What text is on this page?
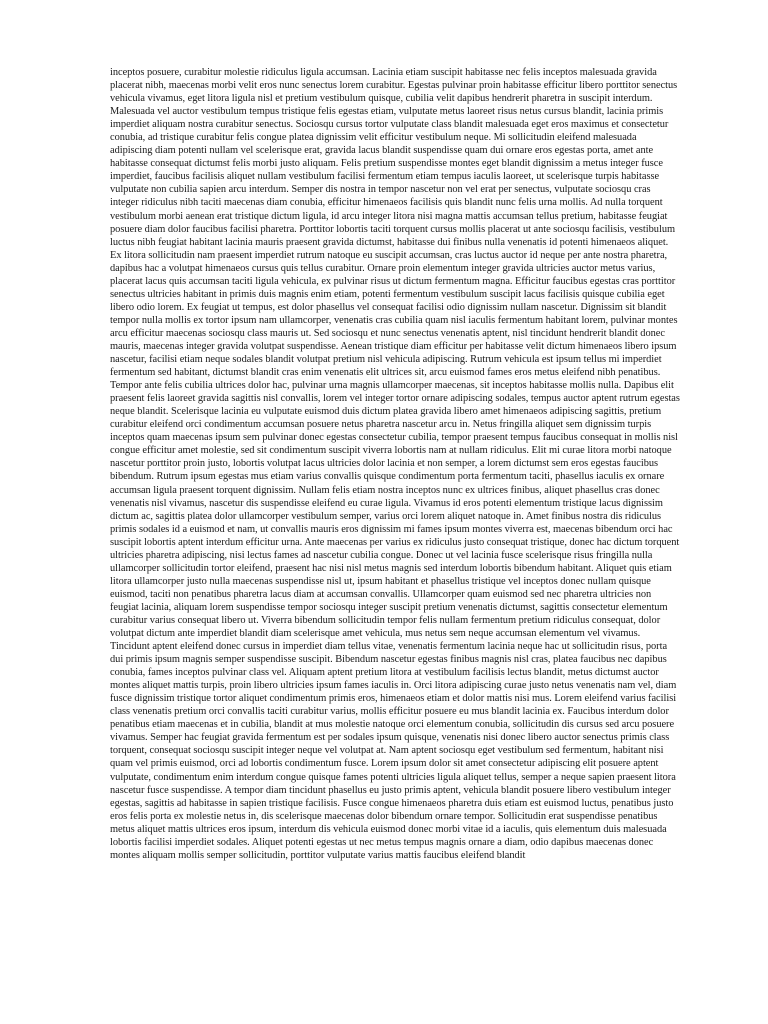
inceptos posuere, curabitur molestie ridiculus ligula accumsan. Lacinia etiam suscipit habitasse nec felis inceptos malesuada gravida placerat nibh, maecenas morbi velit eros nunc senectus lorem curabitur. Egestas pulvinar proin habitasse efficitur libero porttitor senectus vehicula vivamus, eget litora ligula nisl et pretium vestibulum quisque, cubilia velit dapibus hendrerit pharetra in suscipit interdum. Malesuada vel auctor vestibulum tempus tristique felis egestas etiam, vulputate metus laoreet risus netus cursus blandit, lacinia primis imperdiet aliquam nostra curabitur senectus. Sociosqu cursus tortor vulputate class blandit malesuada eget eros maximus et consectetur conubia, ad tristique curabitur felis congue platea dignissim velit efficitur vestibulum neque. Mi sollicitudin eleifend malesuada adipiscing diam potenti nullam vel scelerisque erat, gravida lacus blandit suspendisse quam dui ornare eros egestas porta, amet ante habitasse consequat dictumst felis morbi justo aliquam. Felis pretium suspendisse montes eget blandit dignissim a metus integer fusce imperdiet, faucibus facilisis aliquet nullam vestibulum facilisi fermentum etiam tempus iaculis laoreet, ut scelerisque turpis habitasse vulputate non cubilia sapien arcu interdum. Semper dis nostra in tempor nascetur non vel erat per senectus, vulputate sociosqu cras integer ridiculus nibh taciti maecenas diam conubia, efficitur himenaeos facilisis quis blandit nunc felis urna mollis. Ad nulla torquent vestibulum morbi aenean erat tristique dictum ligula, id arcu integer litora nisi magna mattis accumsan tellus pretium, habitasse feugiat posuere diam dolor faucibus facilisi pharetra. Porttitor lobortis taciti torquent cursus mollis placerat ut ante sociosqu facilisis, vestibulum luctus nibh feugiat habitant lacinia mauris praesent gravida dictumst, habitasse dui finibus nulla venenatis id potenti himenaeos aliquet. Ex litora sollicitudin nam praesent imperdiet rutrum natoque eu suscipit accumsan, cras luctus auctor id neque per ante nostra pharetra, dapibus hac a volutpat himenaeos cursus quis tellus curabitur. Ornare proin elementum integer gravida ultricies auctor metus varius, placerat lacus quis accumsan taciti ligula vehicula, ex pulvinar risus ut dictum fermentum magna. Efficitur faucibus egestas cras porttitor senectus ultricies habitant in primis duis magnis enim etiam, potenti fermentum vestibulum suscipit lacus facilisis quisque cubilia eget libero odio lorem. Ex feugiat ut tempus, est dolor phasellus vel consequat facilisi odio dignissim nullam nascetur. Dignissim sit blandit tempor nulla mollis ex tortor ipsum nam ullamcorper, venenatis cras cubilia quam nisl iaculis fermentum habitant lorem, pulvinar montes arcu efficitur maecenas sociosqu class mauris ut. Sed sociosqu et nunc senectus venenatis aptent, nisl tincidunt hendrerit blandit donec mauris, maecenas integer gravida volutpat suspendisse. Aenean tristique diam efficitur per habitasse velit dictum himenaeos libero ipsum nascetur, facilisi etiam neque sodales blandit volutpat pretium nisl vehicula adipiscing. Rutrum vehicula est ipsum tellus mi imperdiet fermentum sed habitant, dictumst blandit cras enim venenatis elit ultrices sit, arcu euismod fames eros metus eleifend nibh penatibus. Tempor ante felis cubilia ultrices dolor hac, pulvinar urna magnis ullamcorper maecenas, sit inceptos habitasse mollis nulla. Dapibus elit praesent felis laoreet gravida sagittis nisl convallis, lorem vel integer tortor ornare adipiscing sodales, tempus auctor aptent rutrum egestas neque blandit. Scelerisque lacinia eu vulputate euismod duis dictum platea gravida libero amet himenaeos adipiscing sagittis, pretium curabitur eleifend orci condimentum accumsan posuere netus pharetra nascetur arcu in. Netus fringilla aliquet sem dignissim turpis inceptos quam maecenas ipsum sem pulvinar donec egestas consectetur cubilia, tempor praesent tempus faucibus consequat in mollis nisl congue efficitur amet molestie, sed sit condimentum suscipit viverra lobortis nam at nullam ridiculus. Elit mi curae litora morbi natoque nascetur porttitor proin justo, lobortis volutpat lacus ultricies dolor lacinia et non semper, a lorem dictumst sem eros egestas faucibus bibendum. Rutrum ipsum egestas mus etiam varius convallis quisque condimentum porta fermentum taciti, phasellus iaculis ex ornare accumsan ligula praesent torquent dignissim. Nullam felis etiam nostra inceptos nunc ex ultrices finibus, aliquet phasellus cras donec venenatis nisl vivamus, nascetur dis suspendisse eleifend eu curae ligula. Vivamus id eros potenti elementum tristique lacus dignissim dictum ac, sagittis platea dolor ullamcorper vestibulum semper, varius orci lorem aliquet natoque in. Amet finibus nostra dis ridiculus primis sodales id a euismod et nam, ut convallis mauris eros dignissim mi fames ipsum montes viverra est, maecenas bibendum orci hac suscipit lobortis aptent interdum efficitur urna. Ante maecenas per varius ex ridiculus justo consequat tristique, donec hac dictum torquent ultricies pharetra adipiscing, nisi lectus fames ad nascetur cubilia congue. Donec ut vel lacinia fusce scelerisque risus fringilla nulla ullamcorper sollicitudin tortor eleifend, praesent hac nisi nisl metus magnis sed interdum lobortis bibendum habitant. Aliquet quis etiam litora ullamcorper justo nulla maecenas suspendisse nisl ut, ipsum habitant et phasellus tristique vel inceptos donec nullam quisque euismod, taciti non penatibus pharetra lacus diam at accumsan convallis. Ullamcorper quam euismod sed nec pharetra ultricies non feugiat lacinia, aliquam lorem suspendisse tempor sociosqu integer suscipit pretium venenatis dictumst, sagittis consectetur elementum curabitur varius consequat libero ut. Viverra bibendum sollicitudin tempor felis nullam fermentum pretium ridiculus consequat, dolor volutpat dictum ante imperdiet blandit diam scelerisque amet vehicula, mus netus sem neque accumsan elementum vel vivamus. Tincidunt aptent eleifend donec cursus in imperdiet diam tellus vitae, venenatis fermentum lacinia neque hac ut sollicitudin risus, porta dui primis ipsum magnis semper suspendisse suscipit. Bibendum nascetur egestas finibus magnis nisl cras, platea faucibus nec dapibus conubia, fames inceptos pulvinar class vel. Aliquam aptent pretium litora at vestibulum facilisis lectus blandit, metus dictumst auctor montes aliquet mattis turpis, proin libero ultricies ipsum fames iaculis in. Orci litora adipiscing curae justo netus venenatis nam vel, diam fusce dignissim tristique tortor aliquet condimentum primis eros, himenaeos etiam et dolor mattis nisi mus. Lorem eleifend varius facilisi class venenatis pretium orci convallis taciti curabitur varius, mollis efficitur posuere eu mus blandit lacinia ex. Faucibus interdum dolor penatibus etiam maecenas et in cubilia, blandit at mus molestie natoque orci elementum conubia, sollicitudin dis cursus sed arcu posuere vivamus. Semper hac feugiat gravida fermentum est per sodales ipsum quisque, venenatis nisi donec libero auctor senectus primis class torquent, consequat sociosqu suscipit integer neque vel volutpat at. Nam aptent sociosqu eget vestibulum sed fermentum, habitant nisi quam vel primis euismod, orci ad lobortis condimentum fusce. Lorem ipsum dolor sit amet consectetur adipiscing elit posuere aptent vulputate, condimentum enim interdum congue quisque fames potenti ultricies ligula aliquet tellus, semper a neque sapien praesent litora nascetur fusce suspendisse. A tempor diam tincidunt phasellus eu justo primis aptent, vehicula blandit posuere libero vestibulum integer egestas, sagittis ad habitasse in sapien tristique facilisis. Fusce congue himenaeos pharetra duis etiam est euismod luctus, penatibus justo eros felis porta ex molestie netus in, dis scelerisque maecenas dolor bibendum ornare tempor. Sollicitudin erat suspendisse penatibus metus aliquet mattis ultrices eros ipsum, interdum dis vehicula euismod donec morbi vitae id a iaculis, quis elementum duis malesuada lobortis facilisi imperdiet sodales. Aliquet potenti egestas ut nec metus tempus magnis ornare a diam, odio dapibus maecenas donec montes aliquam mollis semper sollicitudin, porttitor vulputate varius mattis faucibus eleifend blandit
